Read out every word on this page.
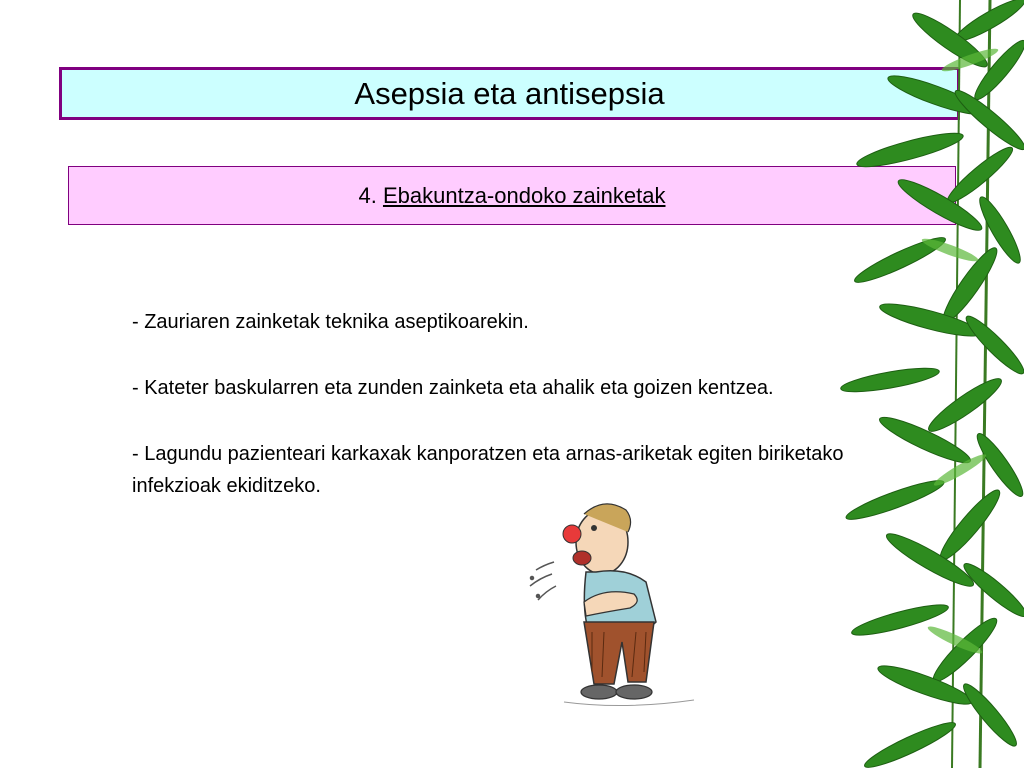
Asepsia eta antisepsia
4.
Ebakuntza-ondoko zainketak

- Zauriaren zainketak teknika aseptikoarekin.

- Kateter baskularren eta zunden zainketa eta ahalik eta goizen kentzea.

- Lagundu pazienteari karkaxak kanporatzen eta arnas-ariketak egiten biriketako infekzioak ekiditzeko.
